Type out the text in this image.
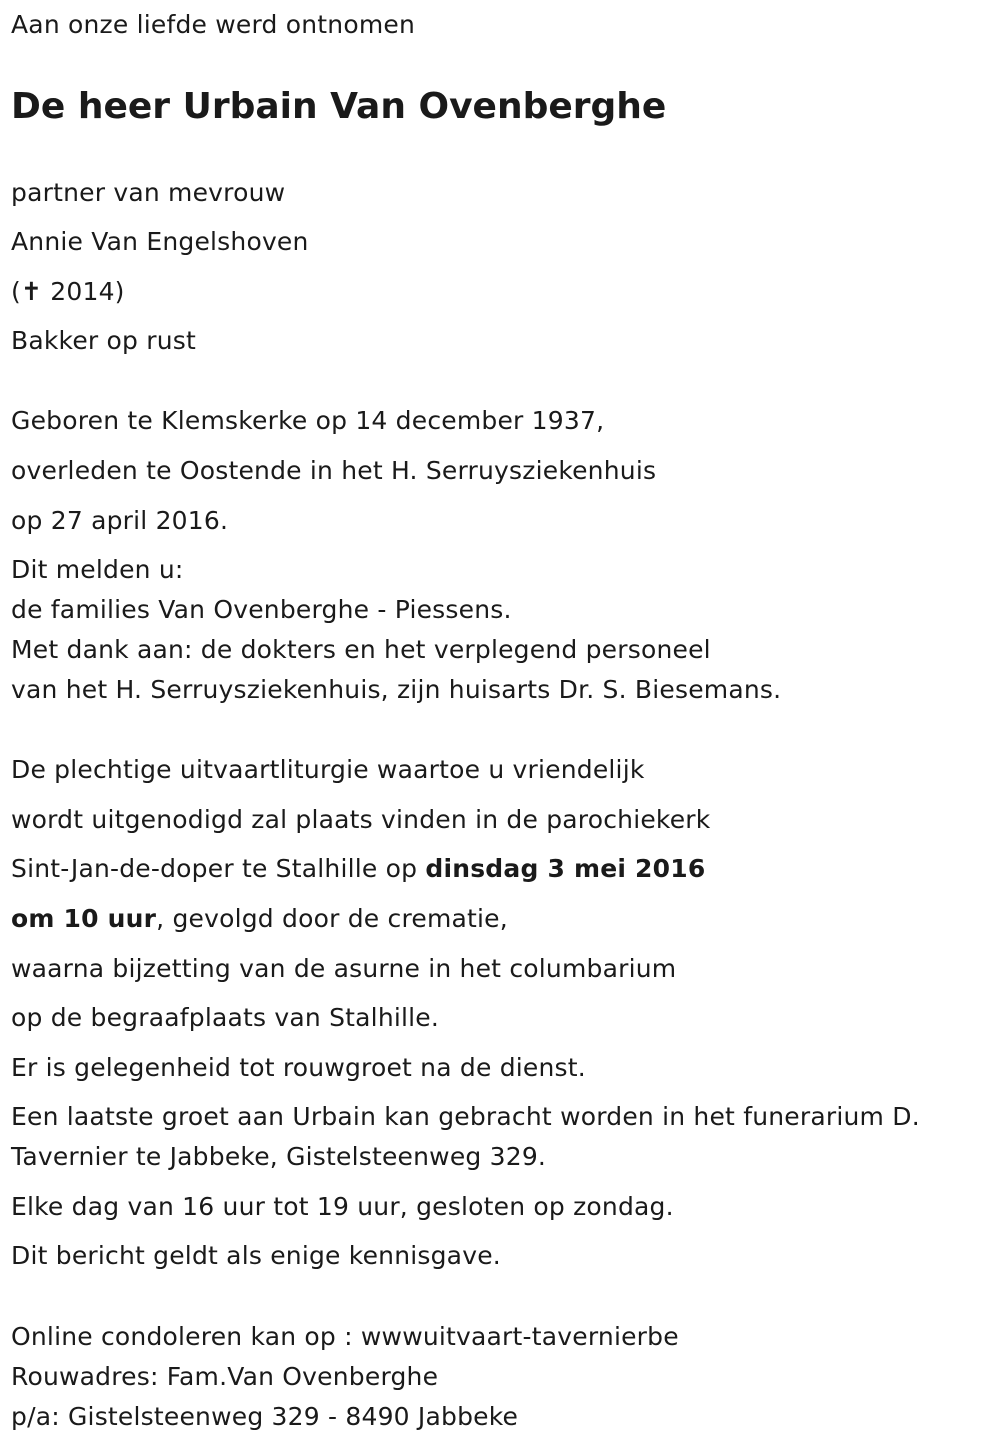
Aan onze liefde werd ontnomen
De heer Urbain Van Ovenberghe
partner van mevrouw
Annie Van Engelshoven
(✝ 2014)
Bakker op rust
Geboren te Klemskerke op 14 december 1937,
overleden te Oostende in het H. Serruysziekenhuis
op 27 april 2016.
Dit melden u:
de families Van Ovenberghe - Piessens.
Met dank aan: de dokters en het verplegend personeel
van het H. Serruysziekenhuis, zijn huisarts Dr. S. Biesemans.
De plechtige uitvaartliturgie waartoe u vriendelijk
wordt uitgenodigd zal plaats vinden in de parochiekerk
Sint-Jan-de-doper te Stalhille op dinsdag 3 mei 2016
om 10 uur, gevolgd door de crematie,
waarna bijzetting van de asurne in het columbarium
op de begraafplaats van Stalhille.
Er is gelegenheid tot rouwgroet na de dienst.
Een laatste groet aan Urbain kan gebracht worden in het funerarium D.
Tavernier te Jabbeke, Gistelsteenweg 329.
Elke dag van 16 uur tot 19 uur, gesloten op zondag.
Dit bericht geldt als enige kennisgave.
Online condoleren kan op : wwwuitvaart-tavernierbe
Rouwadres: Fam.Van Ovenberghe
p/a: Gistelsteenweg 329 - 8490 Jabbeke
